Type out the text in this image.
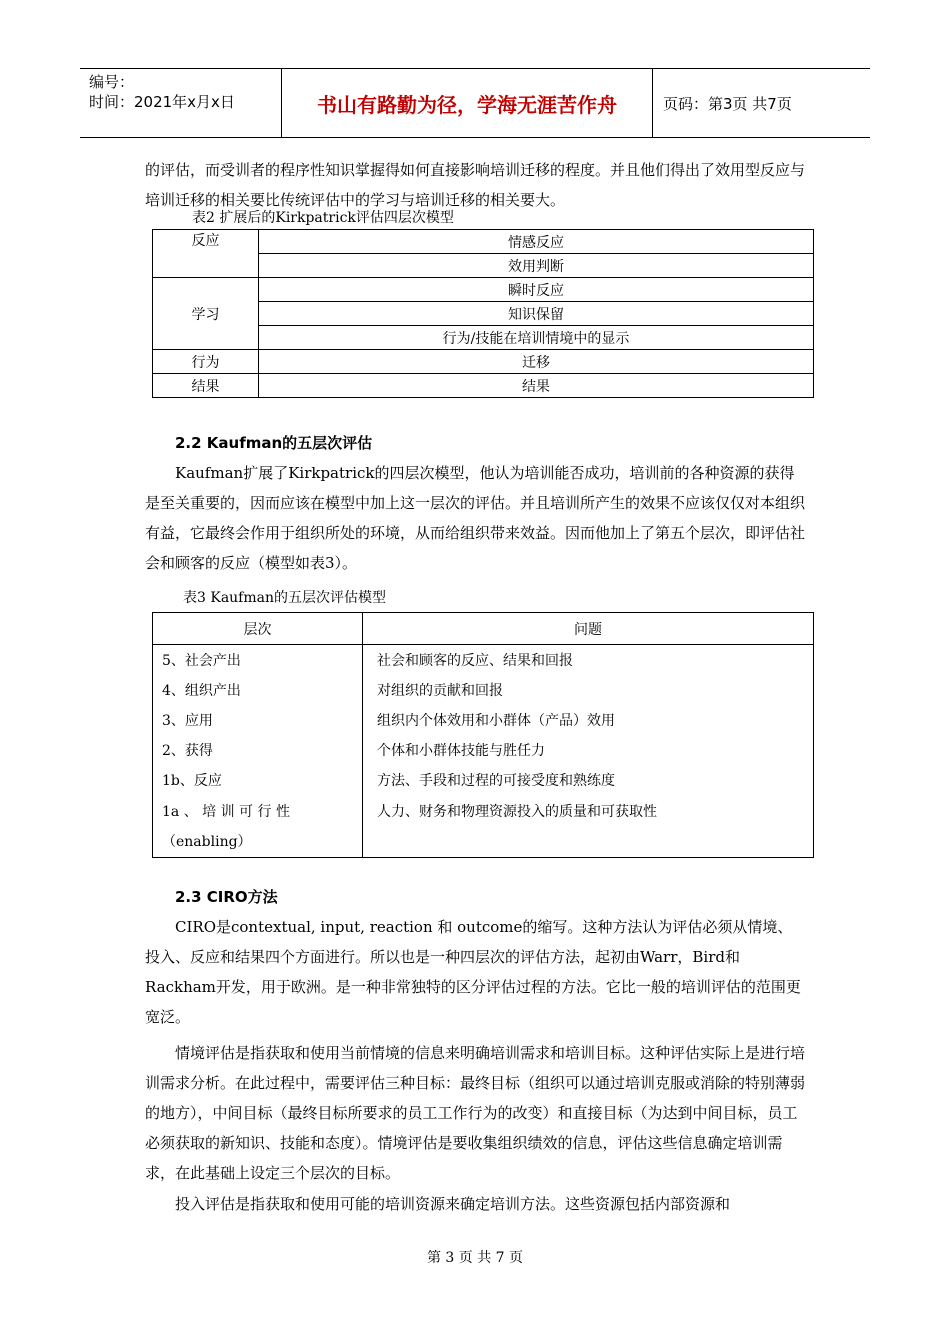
编号：
时间：2021年x月x日	书山有路勤为径，学海无涯苦作舟	页码：第3页 共7页

的评估，而受训者的程序性知识掌握得如何直接影响培训迁移的程度。并且他们得出了效用型反应与培训迁移的相关要比传统评估中的学习与培训迁移的相关要大。

表2 扩展后的Kirkpatrick评估四层次模型
反应	情感反应
	效用判断
学习	瞬时反应
	知识保留
	行为/技能在培训情境中的显示
行为	迁移
结果	结果
2.2 Kaufman的五层次评估

Kaufman扩展了Kirkpatrick的四层次模型，他认为培训能否成功，培训前的各种资源的获得是至关重要的，因而应该在模型中加上这一层次的评估。并且培训所产生的效果不应该仅仅对本组织有益，它最终会作用于组织所处的环境，从而给组织带来效益。因而他加上了第五个层次，即评估社会和顾客的反应（模型如表3）。

表3 Kaufman的五层次评估模型
层次	问题
5、社会产出	社会和顾客的反应、结果和回报
4、组织产出	对组织的贡献和回报
3、应用	组织内个体效用和小群体（产品）效用
2、获得	个体和小群体技能与胜任力
1b、反应	方法、手段和过程的可接受度和熟练度
1a 、 培 训 可 行 性（enabling）	人力、财务和物理资源投入的质量和可获取性
2.3 CIRO方法

CIRO是contextual, input, reaction 和 outcome的缩写。这种方法认为评估必须从情境、投入、反应和结果四个方面进行。所以也是一种四层次的评估方法，起初由Warr，Bird和Rackham开发，用于欧洲。是一种非常独特的区分评估过程的方法。它比一般的培训评估的范围更宽泛。

情境评估是指获取和使用当前情境的信息来明确培训需求和培训目标。这种评估实际上是进行培训需求分析。在此过程中，需要评估三种目标：最终目标（组织可以通过培训克服或消除的特别薄弱的地方），中间目标（最终目标所要求的员工工作行为的改变）和直接目标（为达到中间目标，员工必须获取的新知识、技能和态度）。情境评估是要收集组织绩效的信息，评估这些信息确定培训需求，在此基础上设定三个层次的目标。

投入评估是指获取和使用可能的培训资源来确定培训方法。这些资源包括内部资源和

第 3 页 共 7 页
